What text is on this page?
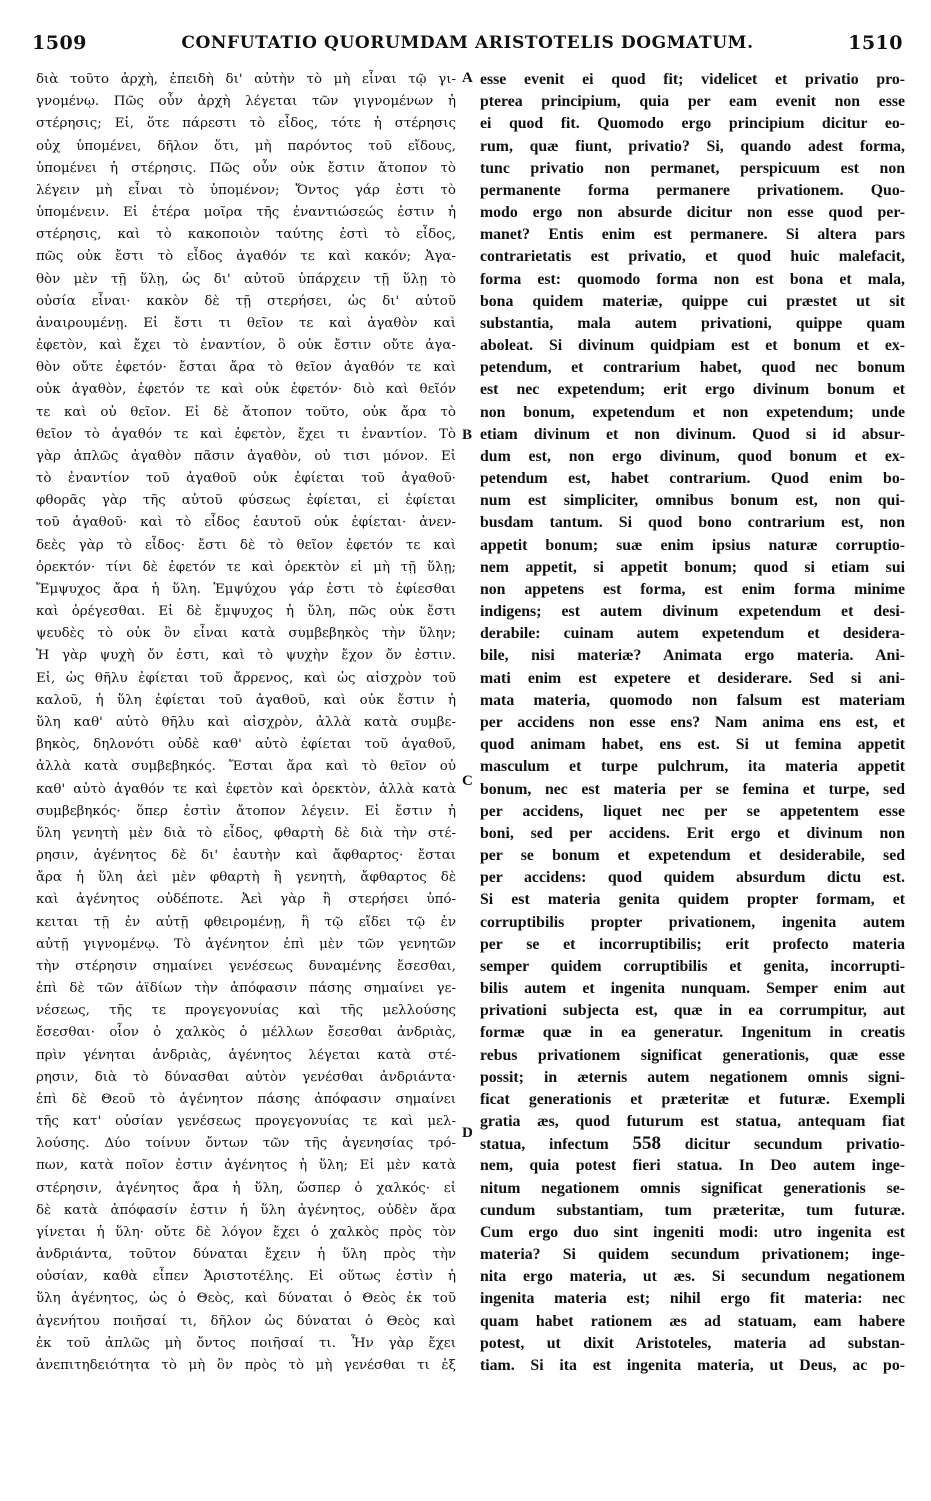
1509	CONFUTATIO QUORUMDAM ARISTOTELIS DOGMATUM.	1510
διὰ τοῦτο ἀρχὴ, ἐπειδὴ δι' αὐτὴν τὸ μὴ εἶναι τῷ γι-
γνομένῳ. Πῶς οὖν ἀρχὴ λέγεται τῶν γιγνομένων ἡ
στέρησις; Εἰ, ὅτε πάρεστι τὸ εἶδος, τότε ἡ στέρησις
οὐχ ὑπομένει, δῆλον ὅτι, μὴ παρόντος τοῦ εἴδους,
ὑπομένει ἡ στέρησις. Πῶς οὖν οὐκ ἔστιν ἄτοπον τὸ
λέγειν μὴ εἶναι τὸ ὑπομένον; Ὄντος γάρ ἐστι τὸ
ὑπομένειν. Εἰ ἑτέρα μοῖρα τῆς ἐναντιώσεώς ἐστιν ἡ
στέρησις, καὶ τὸ κακοποιὸν ταύτης ἐστὶ τὸ εἶδος,
πῶς οὐκ ἔστι τὸ εἶδος ἀγαθόν τε καὶ κακόν; Ἀγα-
θὸν μὲν τῇ ὕλῃ, ὡς δι' αὐτοῦ ὑπάρχειν τῇ ὕλῃ τὸ
οὐσία εἶναι· κακὸν δὲ τῇ στερήσει, ὡς δι' αὐτοῦ
ἀναιρουμένῃ. Εἰ ἔστι τι θεῖον τε καὶ ἀγαθὸν καὶ
ἐφετὸν, καὶ ἔχει τὸ ἐναντίον, ὃ οὐκ ἔστιν οὔτε ἀγα-
θὸν οὔτε ἐφετόν· ἔσται ἄρα τὸ θεῖον ἀγαθόν τε καὶ
οὐκ ἀγαθὸν, ἐφετόν τε καὶ οὐκ ἐφετόν· διὸ καὶ θεῖόν
τε καὶ οὐ θεῖον. Εἰ δὲ ἄτοπον τοῦτο, οὐκ ἄρα τὸ
θεῖον τὸ ἀγαθόν τε καὶ ἐφετὸν, ἔχει τι ἐναντίον. Τὸ
γὰρ ἁπλῶς ἀγαθὸν πᾶσιν ἀγαθὸν, οὐ τισι μόνον. Εἰ
τὸ ἐναντίον τοῦ ἀγαθοῦ οὐκ ἐφίεται τοῦ ἀγαθοῦ·
φθορᾶς γὰρ τῆς αὐτοῦ φύσεως ἐφίεται, εἰ ἐφίεται
τοῦ ἀγαθοῦ· καὶ τὸ εἶδος ἑαυτοῦ οὐκ ἐφίεται· ἀνεν-
δεὲς γὰρ τὸ εἶδος· ἔστι δὲ τὸ θεῖον ἐφετόν τε καὶ
ὀρεκτόν· τίνι δὲ ἐφετόν τε καὶ ὀρεκτὸν εἰ μὴ τῇ ὕλῃ;
Ἔμψυχος ἄρα ἡ ὕλη. Ἐμψύχου γάρ ἐστι τὸ ἐφίεσθαι
καὶ ὀρέγεσθαι. Εἰ δὲ ἔμψυχος ἡ ὕλη, πῶς οὐκ ἔστι
ψευδὲς τὸ οὐκ ὂν εἶναι κατὰ συμβεβηκὸς τὴν ὕλην;
Ἡ γὰρ ψυχὴ ὄν ἐστι, καὶ τὸ ψυχὴν ἔχον ὄν ἐστιν.
Εἰ, ὡς θῆλυ ἐφίεται τοῦ ἄρρενος, καὶ ὡς αἰσχρὸν τοῦ
καλοῦ, ἡ ὕλη ἐφίεται τοῦ ἀγαθοῦ, καὶ οὐκ ἔστιν ἡ
ὕλη καθ' αὑτὸ θῆλυ καὶ αἰσχρὸν, ἀλλὰ κατὰ συμβε-
βηκὸς, δηλονότι οὐδὲ καθ' αὑτὸ ἐφίεται τοῦ ἀγαθοῦ,
ἀλλὰ κατὰ συμβεβηκός. Ἔσται ἄρα καὶ τὸ θεῖον οὐ
καθ' αὑτὸ ἀγαθόν τε καὶ ἐφετὸν καὶ ὀρεκτὸν, ἀλλὰ κατὰ
συμβεβηκός· ὅπερ ἐστὶν ἄτοπον λέγειν. Εἰ ἔστιν ἡ
ὕλη γενητὴ μὲν διὰ τὸ εἶδος, φθαρτὴ δὲ διὰ τὴν στέ-
ρησιν, ἀγένητος δὲ δι' ἑαυτὴν καὶ ἄφθαρτος· ἔσται
ἄρα ἡ ὕλη ἀεὶ μὲν φθαρτὴ ἢ γενητὴ, ἄφθαρτος δὲ
καὶ ἀγένητος οὐδέποτε. Ἀεὶ γὰρ ἢ στερήσει ὑπό-
κειται τῇ ἐν αὐτῇ φθειρομένῃ, ἢ τῷ εἴδει τῷ ἐν
αὐτῇ γιγνομένῳ. Τὸ ἀγένητον ἐπὶ μὲν τῶν γενητῶν
τὴν στέρησιν σημαίνει γενέσεως δυναμένης ἔσεσθαι,
ἐπὶ δὲ τῶν ἀϊδίων τὴν ἀπόφασιν πάσης σημαίνει γε-
νέσεως, τῆς τε προγεγονυίας καὶ τῆς μελλούσης
ἔσεσθαι· οἷον ὁ χαλκὸς ὁ μέλλων ἔσεσθαι ἀνδριὰς,
πρὶν γένηται ἀνδριὰς, ἀγένητος λέγεται κατὰ στέ-
ρησιν, διὰ τὸ δύνασθαι αὐτὸν γενέσθαι ἀνδριάντα·
ἐπὶ δὲ Θεοῦ τὸ ἀγένητον πάσης ἀπόφασιν σημαίνει
τῆς κατ' οὐσίαν γενέσεως προγεγονυίας τε καὶ μελ-
λούσης. Δύο τοίνυν ὄντων τῶν τῆς ἀγενησίας τρό-
πων, κατὰ ποῖον ἐστιν ἀγένητος ἡ ὕλη; Εἰ μὲν κατὰ
στέρησιν, ἀγένητος ἄρα ἡ ὕλη, ὥσπερ ὁ χαλκός· εἰ
δὲ κατὰ ἀπόφασίν ἐστιν ἡ ὕλη ἀγένητος, οὐδὲν ἄρα
γίνεται ἡ ὕλη· οὔτε δὲ λόγον ἔχει ὁ χαλκὸς πρὸς τὸν
ἀνδριάντα, τοῦτον δύναται ἔχειν ἡ ὕλη πρὸς τὴν
οὐσίαν, καθὰ εἶπεν Ἀριστοτέλης. Εἰ οὕτως ἐστὶν ἡ
ὕλη ἀγένητος, ὡς ὁ Θεὸς, καὶ δύναται ὁ Θεὸς ἐκ τοῦ
ἀγενήτου ποιῆσαί τι, δῆλον ὡς δύναται ὁ Θεὸς καὶ
ἐκ τοῦ ἁπλῶς μὴ ὄντος ποιῆσαί τι. Ἦν γὰρ ἔχει
ἀνεπιτηδειότητα τὸ μὴ ὂν πρὸς τὸ μὴ γενέσθαι τι ἐξ
esse evenit ei quod fit; videlicet et privatio pro-
pterea principium, quia per eam evenit non esse
ei quod fit. Quomodo ergo principium dicitur eo-
rum, quæ fiunt, privatio? Si, quando adest forma,
tunc privatio non permanet, perspicuum est non
permanente forma permanere privationem. Quo-
modo ergo non absurde dicitur non esse quod per-
manet? Entis enim est permanere. Si altera pars
contrarietatis est privatio, et quod huic malefacit,
forma est: quomodo forma non est bona et mala,
bona quidem materiæ, quippe cui præstet ut sit
substantia, mala autem privationi, quippe quam
aboleat. Si divinum quidpiam est et bonum et ex-
petendum, et contrarium habet, quod nec bonum
est nec expetendum; erit ergo divinum bonum et
non bonum, expetendum et non expetendum; unde
etiam divinum et non divinum. Quod si id absur-
dum est, non ergo divinum, quod bonum et ex-
petendum est, habet contrarium. Quod enim bo-
num est simpliciter, omnibus bonum est, non qui-
busdam tantum. Si quod bono contrarium est, non
appetit bonum; suæ enim ipsius naturæ corruptio-
nem appetit, si appetit bonum; quod si etiam sui
non appetens est forma, est enim forma minime
indigens; est autem divinum expetendum et desi-
derabile: cuinam autem expetendum et desidera-
bile, nisi materiæ? Animata ergo materia. Ani-
mati enim est expetere et desiderare. Sed si ani-
mata materia, quomodo non falsum est materiam
per accidens non esse ens? Nam anima ens est, et
quod animam habet, ens est. Si ut femina appetit
masculum et turpe pulchrum, ita materia appetit
bonum, nec est materia per se femina et turpe, sed
per accidens, liquet nec per se appetentem esse
boni, sed per accidens. Erit ergo et divinum non
per se bonum et expetendum et desiderabile, sed
per accidens: quod quidem absurdum dictu est.
Si est materia genita quidem propter formam, et
corruptibilis propter privationem, ingenita autem
per se et incorruptibilis; erit profecto materia
semper quidem corruptibilis et genita, incorrupti-
bilis autem et ingenita nunquam. Semper enim aut
privationi subjecta est, quæ in ea corrumpitur, aut
formæ quæ in ea generatur. Ingenitum in creatis
rebus privationem significat generationis, quæ esse
possit; in æternis autem negationem omnis signi-
ficat generationis et præteritæ et futuræ. Exempli
gratia æs, quod futurum est statua, antequam fiat
statua, infectum 558 dicitur secundum privatio-
nem, quia potest fieri statua. In Deo autem inge-
nitum negationem omnis significat generationis se-
cundum substantiam, tum præteritæ, tum futuræ.
Cum ergo duo sint ingeniti modi: utro ingenita est
materia? Si quidem secundum privationem; inge-
nita ergo materia, ut æs. Si secundum negationem
ingenita materia est; nihil ergo fit materia: nec
quam habet rationem æs ad statuam, eam habere
potest, ut dixit Aristoteles, materia ad substan-
tiam. Si ita est ingenita materia, ut Deus, ac po-
A
B
C
D
